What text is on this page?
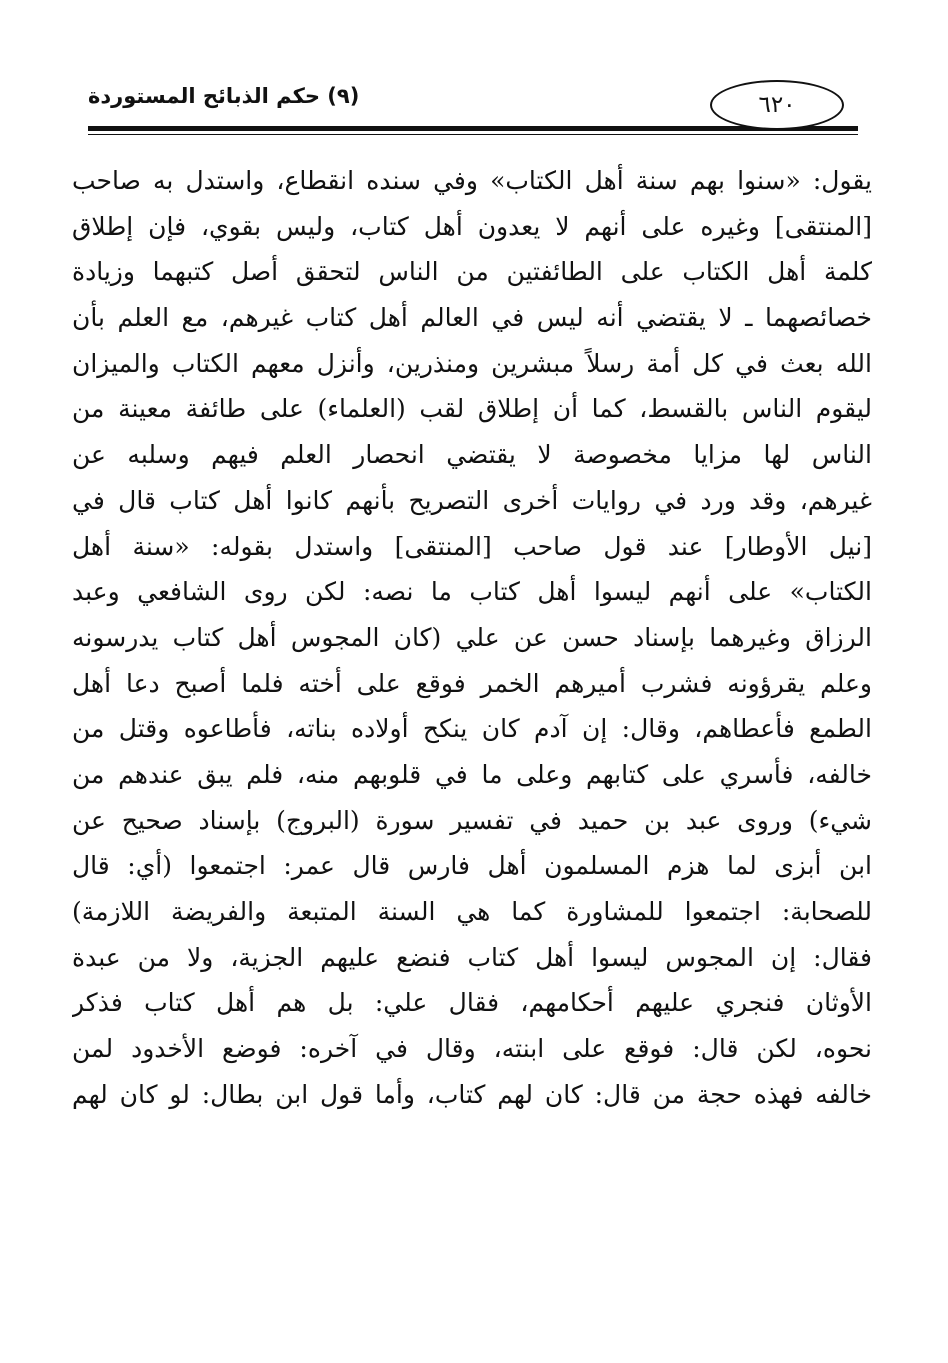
(٩) حكم الذبائح المستوردة	٦٢٠
يقول: «سنوا بهم سنة أهل الكتاب» وفي سنده انقطاع، واستدل به صاحب
[المنتقى] وغيره على أنهم لا يعدون أهل كتاب، وليس بقوي، فإن إطلاق
كلمة أهل الكتاب على الطائفتين من الناس لتحقق أصل كتبهما وزيادة
خصائصهما ـ لا يقتضي أنه ليس في العالم أهل كتاب غيرهم، مع العلم بأن
الله بعث في كل أمة رسلاً مبشرين ومنذرين، وأنزل معهم الكتاب والميزان
ليقوم الناس بالقسط، كما أن إطلاق لقب (العلماء) على طائفة معينة من
الناس لها مزايا مخصوصة لا يقتضي انحصار العلم فيهم وسلبه عن
غيرهم، وقد ورد في روايات أخرى التصريح بأنهم كانوا أهل كتاب قال في
[نيل الأوطار] عند قول صاحب [المنتقى] واستدل بقوله: «سنة أهل
الكتاب» على أنهم ليسوا أهل كتاب ما نصه: لكن روى الشافعي وعبد
الرزاق وغيرهما بإسناد حسن عن علي (كان المجوس أهل كتاب يدرسونه
وعلم يقرؤونه فشرب أميرهم الخمر فوقع على أخته فلما أصبح دعا أهل
الطمع فأعطاهم، وقال: إن آدم كان ينكح أولاده بناته، فأطاعوه وقتل من
خالفه، فأسري على كتابهم وعلى ما في قلوبهم منه، فلم يبق عندهم من
شيء) وروى عبد بن حميد في تفسير سورة (البروج) بإسناد صحيح عن
ابن أبزى لما هزم المسلمون أهل فارس قال عمر: اجتمعوا (أي: قال
للصحابة: اجتمعوا للمشاورة كما هي السنة المتبعة والفريضة اللازمة)
فقال: إن المجوس ليسوا أهل كتاب فنضع عليهم الجزية، ولا من عبدة
الأوثان فنجري عليهم أحكامهم، فقال علي: بل هم أهل كتاب فذكر
نحوه، لكن قال: فوقع على ابنته، وقال في آخره: فوضع الأخدود لمن
خالفه فهذه حجة من قال: كان لهم كتاب، وأما قول ابن بطال: لو كان لهم
